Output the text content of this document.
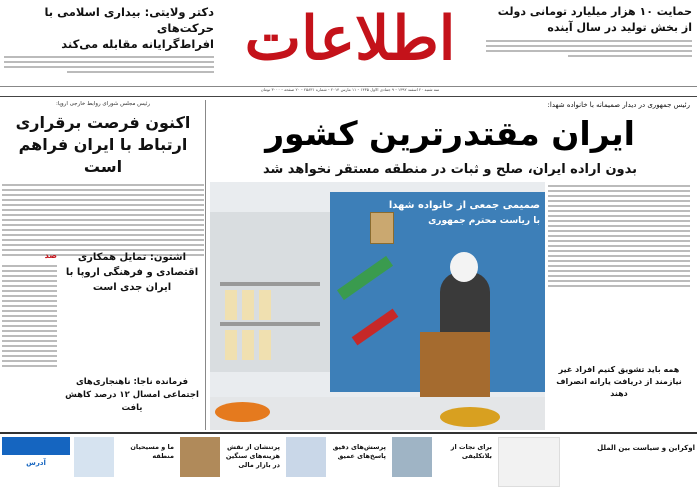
اطلاعات
دکتر ولایتی: بیداری اسلامی با حرکت‌های
افراط‌گرایانه مقابله می‌کند
حمایت ۱۰ هزار میلیارد تومانی دولت
از بخش تولید در سال آینده
سه شنبه ۲۰ اسفند ۱۳۹۲ - ۹ جمادی الاول ۱۴۳۵ - ۱۱ مارس ۲۰۱۴ - شماره ۲۵۸۳۱ - ۲۰ صفحه - ۳۰۰۰ تومان
رئیس مجلس شورای روابط خارجی اروپا:
اکنون فرصت برقراری ارتباط با ایران فراهم است
اشتون: تمایل همکاری اقتصادی و فرهنگی اروپا با ایران جدی است
صد
فرمانده ناجا: ناهنجاری‌های اجتماعی امسال ۱۲ درصد کاهش یافت
رئیس جمهوری در دیدار صمیمانه با خانواده شهدا:
ایران مقتدرترین کشور
بدون اراده ایران، صلح و ثبات در منطقه مستقر نخواهد شد
صمیمی جمعی از خانواده شهدا
با ریاست محترم جمهوری
همه باید تشویق کنیم افراد غیر نیازمند از دریافت یارانه انصراف دهند
آدرس
ما و مسیحیان منطقه
پرتنشان از نقش هزینه‌های سنگین در بازار مالی
پرسش‌های دقیق پاسخ‌های عمیق
برای نجات از بلاتکلیفی
اوکراین و سیاست بین الملل
